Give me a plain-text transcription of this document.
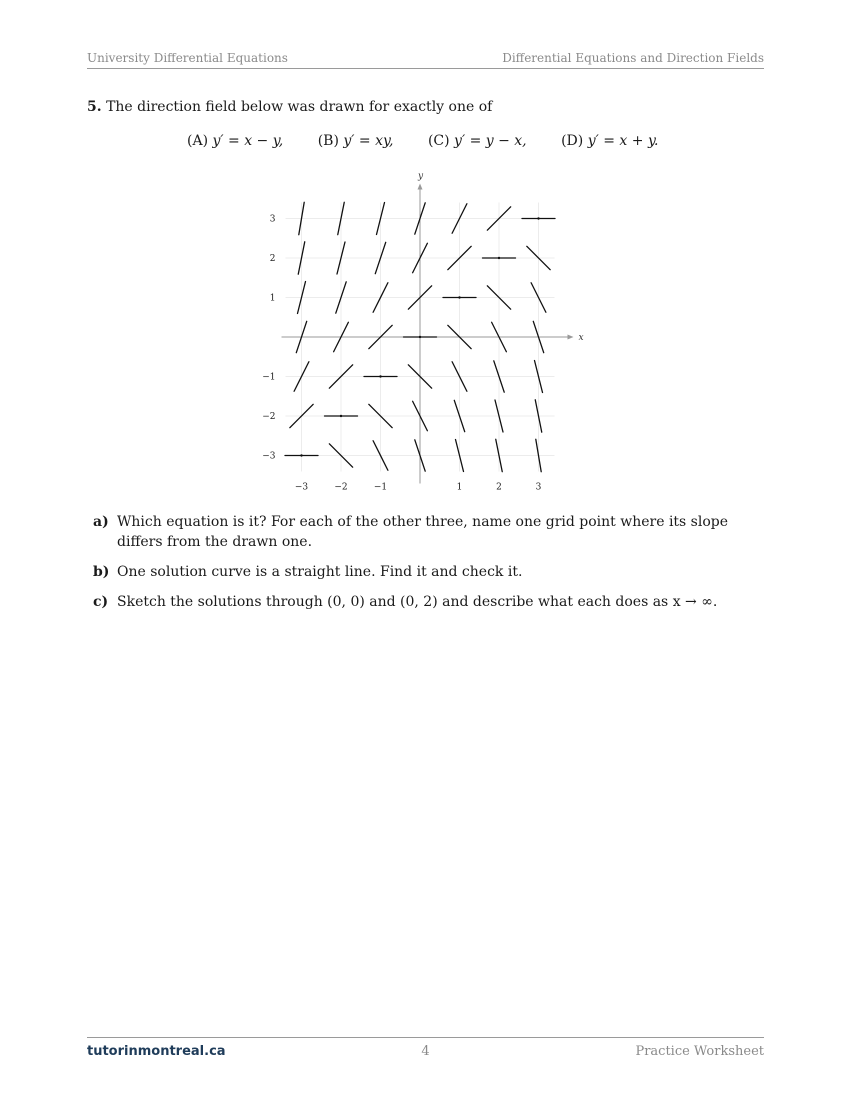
University Differential Equations	Differential Equations and Direction Fields
5. The direction field below was drawn for exactly one of
(A) y′ = x − y, (B) y′ = xy, (C) y′ = y − x, (D) y′ = x + y.
x
y
−3	−2	−1	1	2	3
−3
−2
−1
1
2
3
a) Which equation is it? For each of the other three, name one grid point where its slope differs from the drawn one.
b) One solution curve is a straight line. Find it and check it.
c) Sketch the solutions through (0, 0) and (0, 2) and describe what each does as x → ∞.
tutorinmontreal.ca	4	Practice Worksheet
